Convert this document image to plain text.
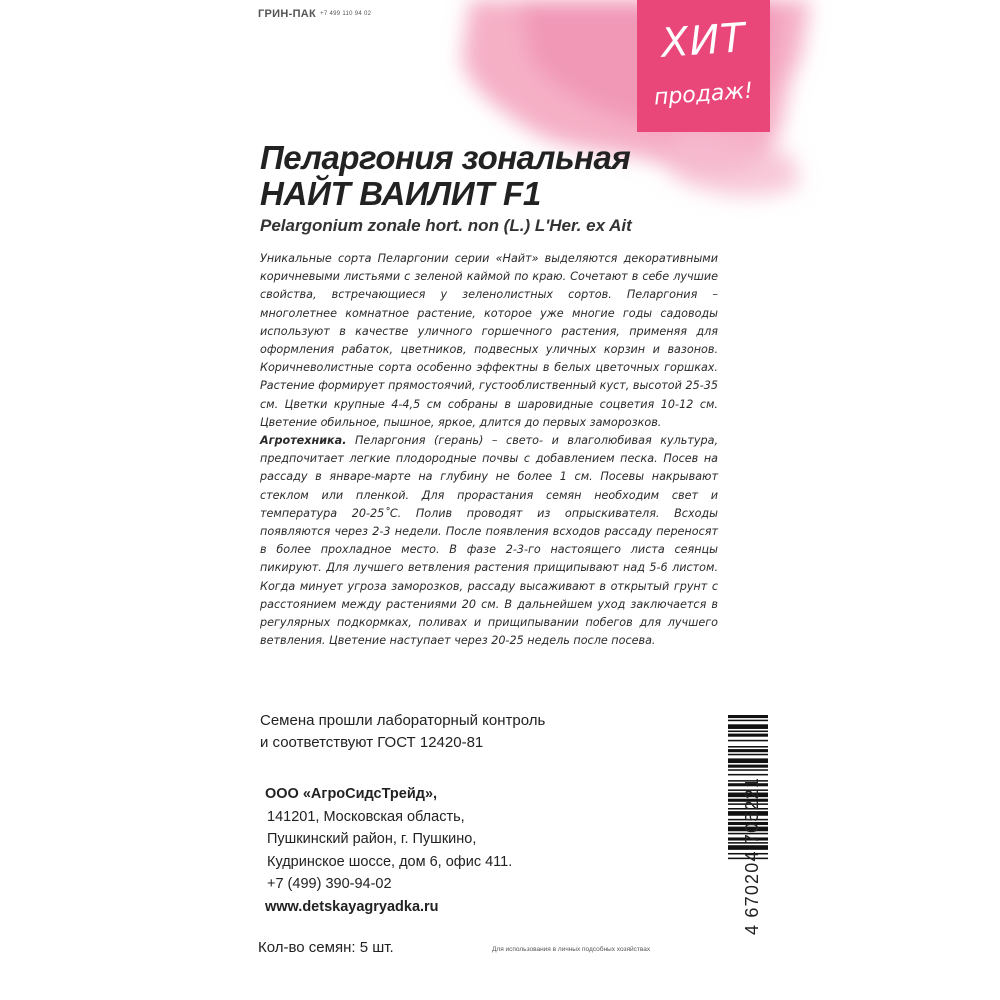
ГРИН-ПАК +7 499 110 94 02
ХИТ
продаж!
Пеларгония зональная
НАЙТ ВАИЛИТ F1
Pelargonium zonale hort. non (L.) L'Her. ex Ait

Уникальные сорта Пеларгонии серии «Найт» выделяются декоративными коричневыми листьями с зеленой каймой по краю. Сочетают в себе лучшие свойства, встречающиеся у зеленолистных сортов. Пеларгония – многолетнее комнатное растение, которое уже многие годы садоводы используют в качестве уличного горшечного растения, применяя для оформления рабаток, цветников, подвесных уличных корзин и вазонов. Коричневолистные сорта особенно эффектны в белых цветочных горшках. Растение формирует прямостоячий, густооблиственный куст, высотой 25-35 см. Цветки крупные 4-4,5 см собраны в шаровидные соцветия 10-12 см. Цветение обильное, пышное, яркое, длится до первых заморозков.

Агротехника. Пеларгония (герань) – свето- и влаголюбивая культура, предпочитает легкие плодородные почвы с добавлением песка. Посев на рассаду в январе-марте на глубину не более 1 см. Посевы накрывают стеклом или пленкой. Для прорастания семян необходим свет и температура 20-25˚С. Полив проводят из опрыскивателя. Всходы появляются через 2-3 недели. После появления всходов рассаду переносят в более прохладное место. В фазе 2-3-го настоящего листа сеянцы пикируют. Для лучшего ветвления растения прищипывают над 5-6 листом. Когда минует угроза заморозков, рассаду высаживают в открытый грунт с расстоянием между растениями 20 см. В дальнейшем уход заключается в регулярных подкормках, поливах и прищипывании побегов для лучшего ветвления. Цветение наступает через 20-25 недель после посева.

Семена прошли лабораторный контроль
и соответствуют ГОСТ 12420-81
ООО «АгроСидсТрейд»,
141201, Московская область,
Пушкинский район, г. Пушкино,
Кудринское шоссе, дом 6, офис 411.
+7 (499) 390-94-02
www.detskayagryadka.ru
Кол-во семян: 5 шт.	Для использования в личных подсобных хозяйствах
4 670204 705221
